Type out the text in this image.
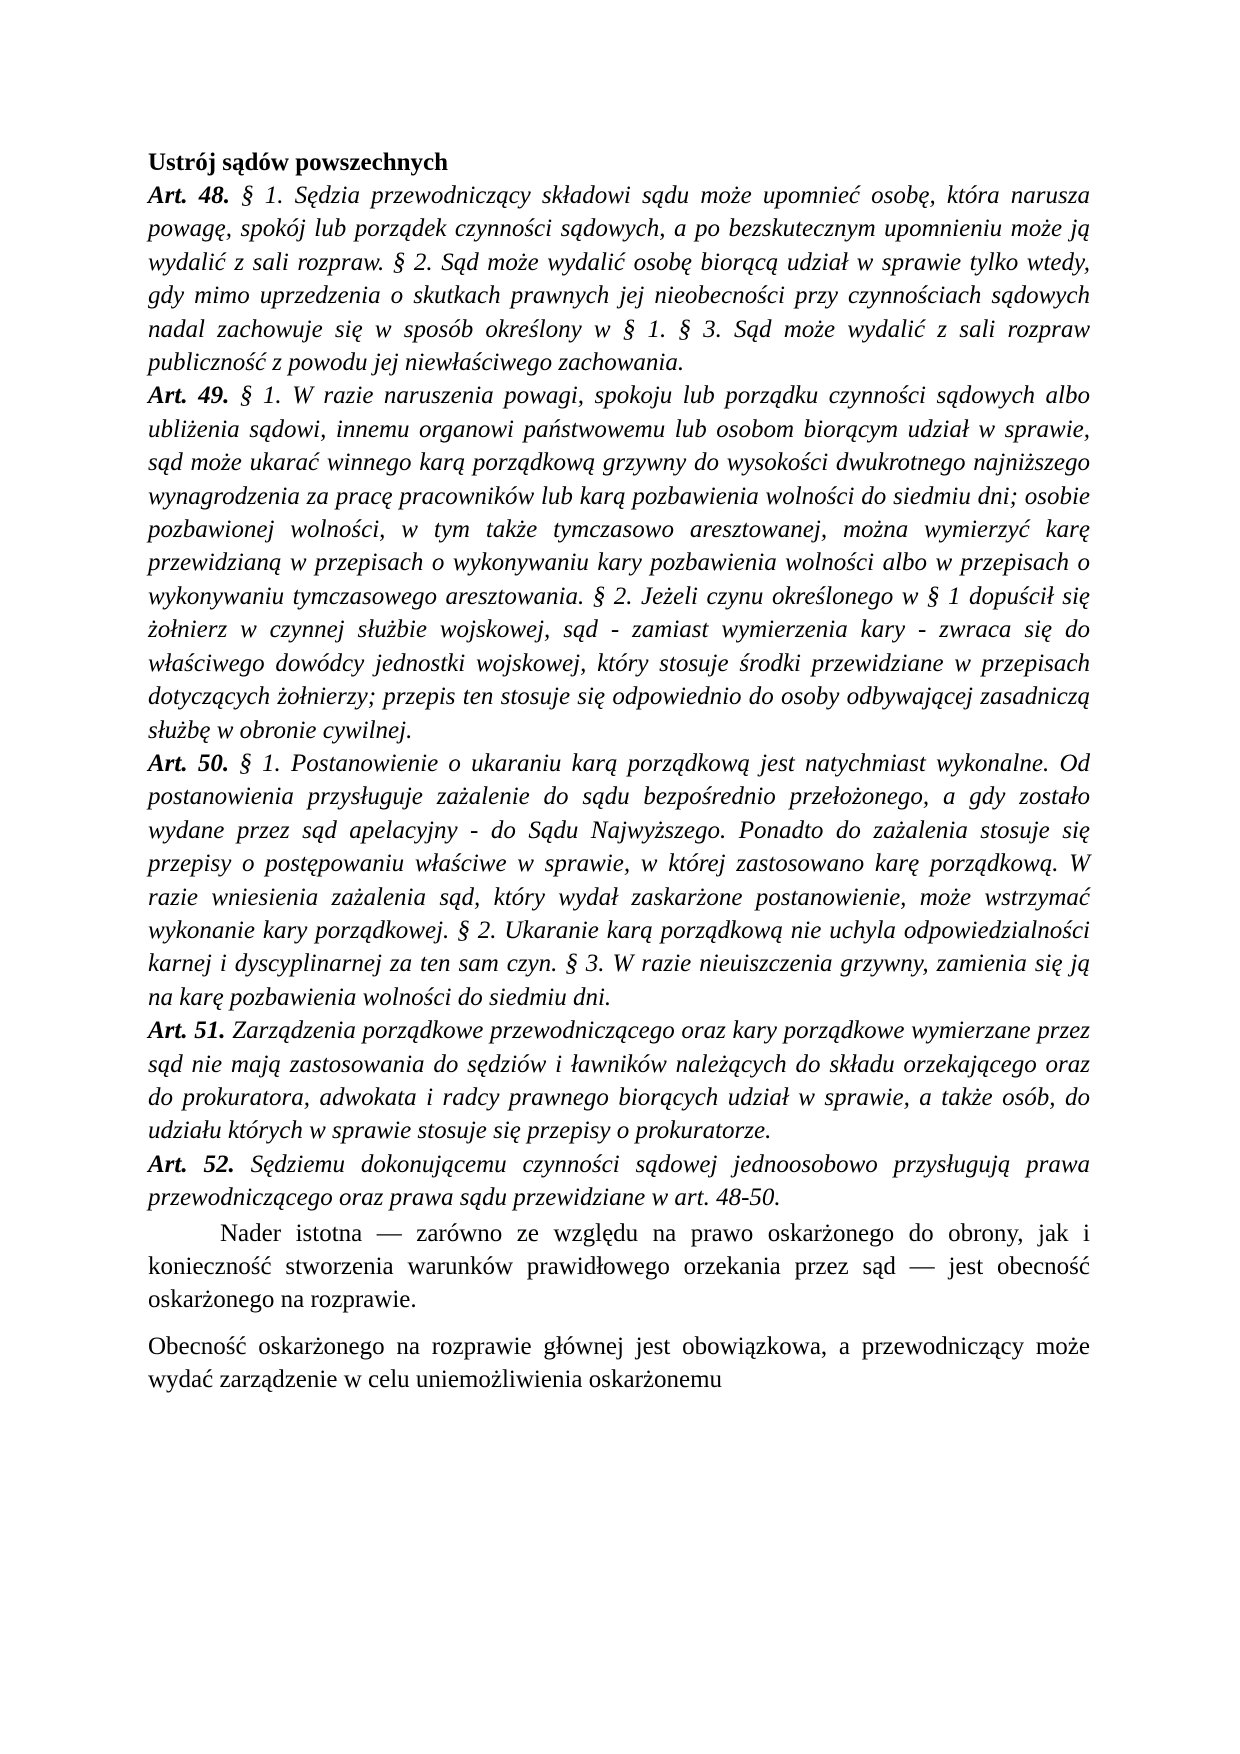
Ustrój sądów powszechnych

Art. 48. § 1. Sędzia przewodniczący składowi sądu może upomnieć osobę, która narusza powagę, spokój lub porządek czynności sądowych, a po bezskutecznym upomnieniu może ją wydalić z sali rozpraw. § 2. Sąd może wydalić osobę biorącą udział w sprawie tylko wtedy, gdy mimo uprzedzenia o skutkach prawnych jej nieobecności przy czynnościach sądowych nadal zachowuje się w sposób określony w § 1. § 3. Sąd może wydalić z sali rozpraw publiczność z powodu jej niewłaściwego zachowania.

Art. 49. § 1. W razie naruszenia powagi, spokoju lub porządku czynności sądowych albo ubliżenia sądowi, innemu organowi państwowemu lub osobom biorącym udział w sprawie, sąd może ukarać winnego karą porządkową grzywny do wysokości dwukrotnego najniższego wynagrodzenia za pracę pracowników lub karą pozbawienia wolności do siedmiu dni; osobie pozbawionej wolności, w tym także tymczasowo aresztowanej, można wymierzyć karę przewidzianą w przepisach o wykonywaniu kary pozbawienia wolności albo w przepisach o wykonywaniu tymczasowego aresztowania. § 2. Jeżeli czynu określonego w § 1 dopuścił się żołnierz w czynnej służbie wojskowej, sąd - zamiast wymierzenia kary - zwraca się do właściwego dowódcy jednostki wojskowej, który stosuje środki przewidziane w przepisach dotyczących żołnierzy; przepis ten stosuje się odpowiednio do osoby odbywającej zasadniczą służbę w obronie cywilnej.

Art. 50. § 1. Postanowienie o ukaraniu karą porządkową jest natychmiast wykonalne. Od postanowienia przysługuje zażalenie do sądu bezpośrednio przełożonego, a gdy zostało wydane przez sąd apelacyjny - do Sądu Najwyższego. Ponadto do zażalenia stosuje się przepisy o postępowaniu właściwe w sprawie, w której zastosowano karę porządkową. W razie wniesienia zażalenia sąd, który wydał zaskarżone postanowienie, może wstrzymać wykonanie kary porządkowej. § 2. Ukaranie karą porządkową nie uchyla odpowiedzialności karnej i dyscyplinarnej za ten sam czyn. § 3. W razie nieuiszczenia grzywny, zamienia się ją na karę pozbawienia wolności do siedmiu dni.

Art. 51. Zarządzenia porządkowe przewodniczącego oraz kary porządkowe wymierzane przez sąd nie mają zastosowania do sędziów i ławników należących do składu orzekającego oraz do prokuratora, adwokata i radcy prawnego biorących udział w sprawie, a także osób, do udziału których w sprawie stosuje się przepisy o prokuratorze.

Art. 52. Sędziemu dokonującemu czynności sądowej jednoosobowo przysługują prawa przewodniczącego oraz prawa sądu przewidziane w art. 48-50.

Nader istotna — zarówno ze względu na prawo oskarżonego do obrony, jak i konieczność stworzenia warunków prawidłowego orzekania przez sąd — jest obecność oskarżonego na rozprawie.

Obecność oskarżonego na rozprawie głównej jest obowiązkowa, a przewodniczący może wydać zarządzenie w celu uniemożliwienia oskarżonemu
